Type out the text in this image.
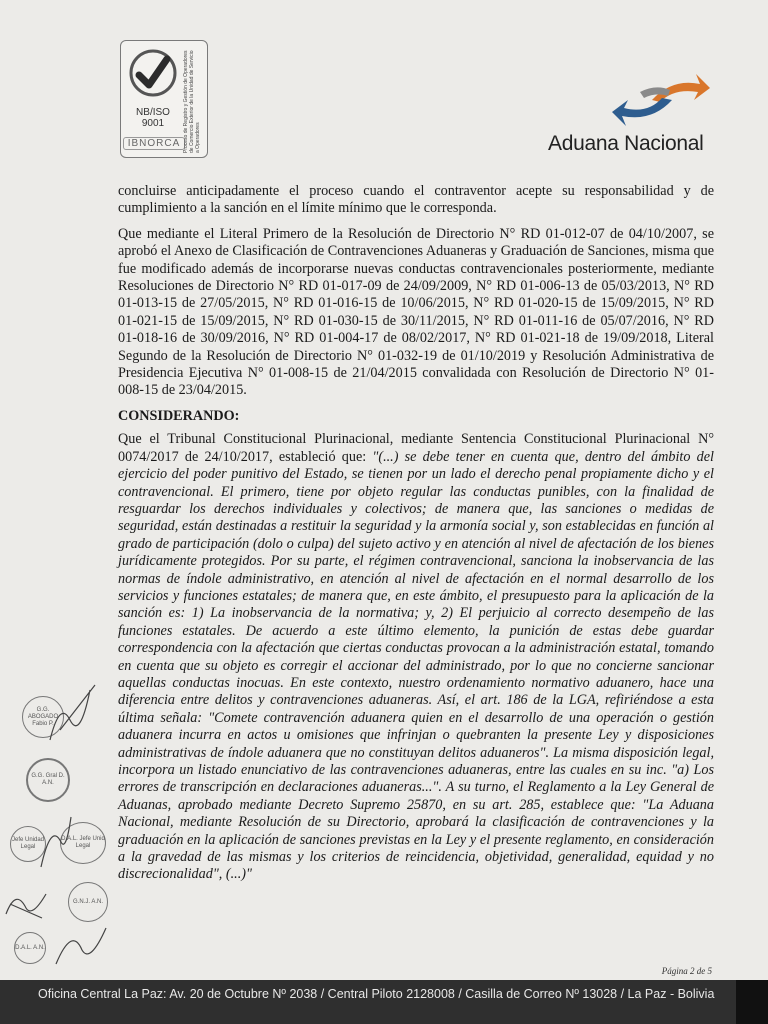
NB/ISO 9001
IBNORCA Proceso de Registro y Gestión de Operadores de Comercio Exterior de la Unidad de Servicio a Operadores	Aduana Nacional

concluirse anticipadamente el proceso cuando el contraventor acepte su responsabilidad y de cumplimiento a la sanción en el límite mínimo que le corresponda.

Que mediante el Literal Primero de la Resolución de Directorio N° RD 01-012-07 de 04/10/2007, se aprobó el Anexo de Clasificación de Contravenciones Aduaneras y Graduación de Sanciones, misma que fue modificado además de incorporarse nuevas conductas contravencionales posteriormente, mediante Resoluciones de Directorio N° RD 01-017-09 de 24/09/2009, N° RD 01-006-13 de 05/03/2013, N° RD 01-013-15 de 27/05/2015, N° RD 01-016-15 de 10/06/2015, N° RD 01-020-15 de 15/09/2015, N° RD 01-021-15 de 15/09/2015, N° RD 01-030-15 de 30/11/2015, N° RD 01-011-16 de 05/07/2016, N° RD 01-018-16 de 30/09/2016, N° RD 01-004-17 de 08/02/2017, N° RD 01-021-18 de 19/09/2018, Literal Segundo de la Resolución de Directorio N° 01-032-19 de 01/10/2019 y Resolución Administrativa de Presidencia Ejecutiva N° 01-008-15 de 21/04/2015 convalidada con Resolución de Directorio N° 01-008-15 de 23/04/2015.

CONSIDERANDO:

Que el Tribunal Constitucional Plurinacional, mediante Sentencia Constitucional Plurinacional N° 0074/2017 de 24/10/2017, estableció que: "(...) se debe tener en cuenta que, dentro del ámbito del ejercicio del poder punitivo del Estado, se tienen por un lado el derecho penal propiamente dicho y el contravencional. El primero, tiene por objeto regular las conductas punibles, con la finalidad de resguardar los derechos individuales y colectivos; de manera que, las sanciones o medidas de seguridad, están destinadas a restituir la seguridad y la armonía social y, son establecidas en función al grado de participación (dolo o culpa) del sujeto activo y en atención al nivel de afectación de los bienes jurídicamente protegidos. Por su parte, el régimen contravencional, sanciona la inobservancia de las normas de índole administrativo, en atención al nivel de afectación en el normal desarrollo de los servicios y funciones estatales; de manera que, en este ámbito, el presupuesto para la aplicación de la sanción es: 1) La inobservancia de la normativa; y, 2) El perjuicio al correcto desempeño de las funciones estatales. De acuerdo a este último elemento, la punición de estas debe guardar correspondencia con la afectación que ciertas conductas provocan a la administración estatal, tomando en cuenta que su objeto es corregir el accionar del administrado, por lo que no concierne sancionar aquellas conductas inocuas. En este contexto, nuestro ordenamiento normativo aduanero, hace una diferencia entre delitos y contravenciones aduaneras. Así, el art. 186 de la LGA, refiriéndose a esta última señala: "Comete contravención aduanera quien en el desarrollo de una operación o gestión aduanera incurra en actos u omisiones que infrinjan o quebranten la presente Ley y disposiciones administrativas de índole aduanera que no constituyan delitos aduaneros". La misma disposición legal, incorpora un listado enunciativo de las contravenciones aduaneras, entre las cuales en su inc. "a) Los errores de transcripción en declaraciones aduaneras...". A su turno, el Reglamento a la Ley General de Aduanas, aprobado mediante Decreto Supremo 25870, en su art. 285, establece que: "La Aduana Nacional, mediante Resolución de su Directorio, aprobará la clasificación de contravenciones y la graduación en la aplicación de sanciones previstas en la Ley y el presente reglamento, en consideración a la gravedad de las mismas y los criterios de reincidencia, objetividad, generalidad, equidad y no discrecionalidad", (...)"

G.G. ABOGADO Fabio P.
G.G. Gral D. A.N.
Jefe Unidad Legal
D.A.L. Jefe Unid Legal
G.N.J. A.N.
D.A.L. A.N.
Página 2 de 5
Oficina Central La Paz: Av. 20 de Octubre Nº 2038 / Central Piloto 2128008 / Casilla de Correo Nº 13028 / La Paz - Bolivia
